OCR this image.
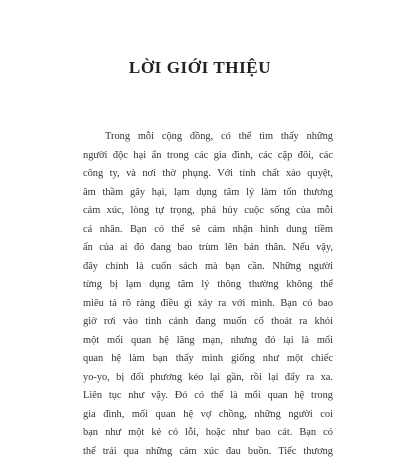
LỜI GIỚI THIỆU
Trong mỗi cộng đồng, có thể tìm thấy những
người độc hại ẩn trong các gia đình, các cặp đôi, các
công ty, và nơi thờ phụng. Với tính chất xảo quyệt,
âm thầm gây hại, lạm dụng tâm lý làm tổn thương
cảm xúc, lòng tự trọng, phá hủy cuộc sống của mỗi
cá nhân. Bạn có thể sẽ cảm nhận hình dung tiềm
ẩn của ai đó đang bao trùm lên bản thân. Nếu vậy,
đây chính là cuốn sách mà bạn cần. Những người
từng bị lạm dụng tâm lý thông thường không thể
miêu tả rõ ràng điều gì xảy ra với mình. Bạn có bao
giờ rơi vào tình cảnh đang muốn cố thoát ra khỏi
một mối quan hệ lãng mạn, nhưng đó lại là mối
quan hệ làm bạn thấy mình giống như một chiếc
yo-yo, bị đối phương kéo lại gần, rồi lại đẩy ra xa.
Liên tục như vậy. Đó có thể là mối quan hệ trong
gia đình, mối quan hệ vợ chồng, những người coi
bạn như một kẻ có lỗi, hoặc như bao cát. Bạn có
thể trải qua những cảm xúc đau buồn. Tiếc thương
